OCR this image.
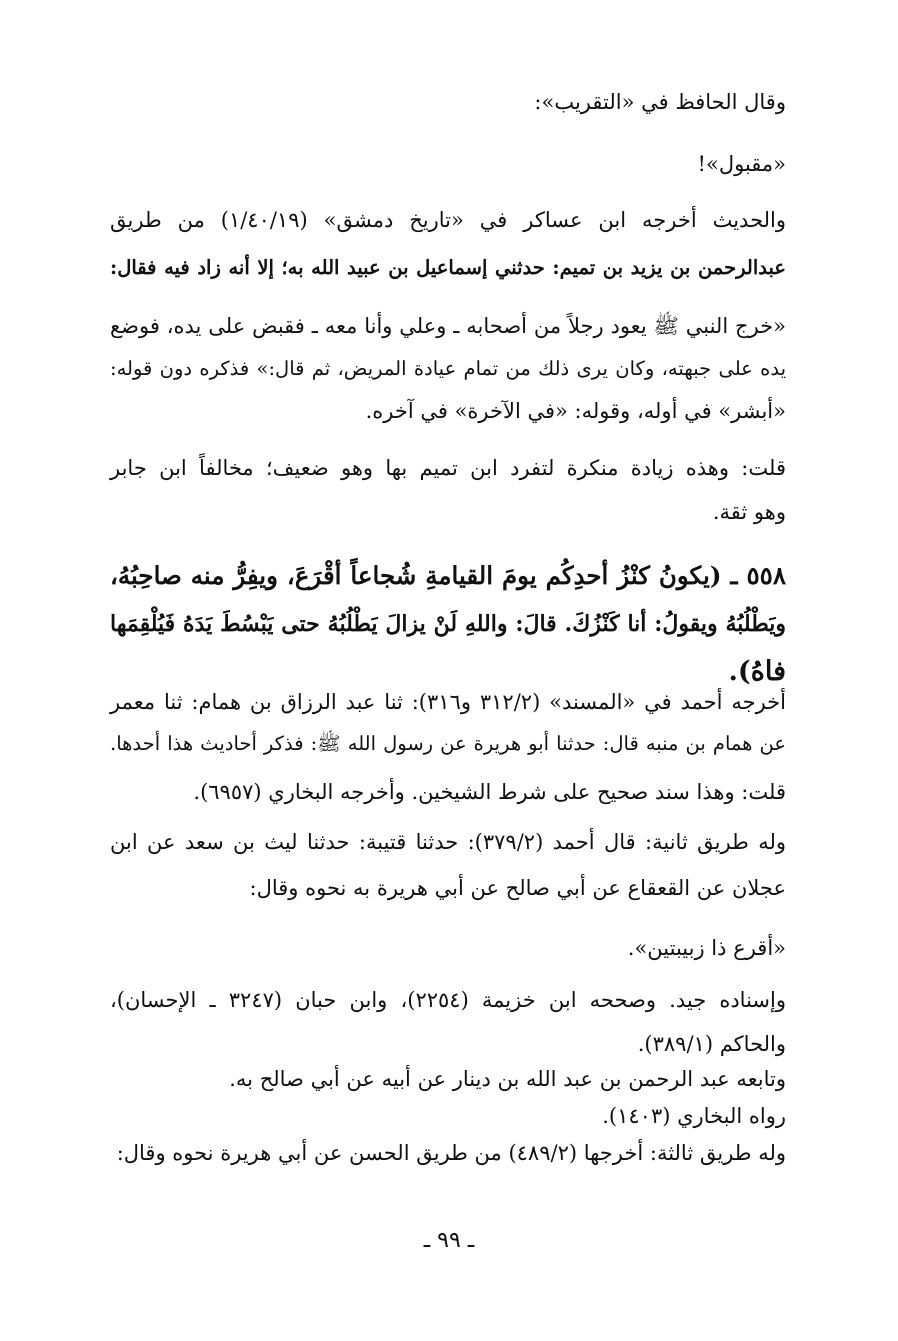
وقال الحافظ في «التقريب»:
«مقبول»!
والحديث أخرجه ابن عساكر في «تاريخ دمشق» (١/٤٠/١٩) من طريق
عبدالرحمن بن يزيد بن تميم: حدثني إسماعيل بن عبيد الله به؛ إلا أنه زاد فيه فقال:
«خرج النبي ﷺ يعود رجلاً من أصحابه ـ وعلي وأنا معه ـ فقبض على يده، فوضع
يده على جبهته، وكان يرى ذلك من تمام عيادة المريض، ثم قال:» فذكره دون قوله:
«أبشر» في أوله، وقوله: «في الآخرة» في آخره.
قلت: وهذه زيادة منكرة لتفرد ابن تميم بها وهو ضعيف؛ مخالفاً ابن جابر
وهو ثقة.
٥٥٨ ـ (يكونُ كنْزُ أحدِكُم يومَ القيامةِ شُجاعاً أقْرَعَ، ويفِرُّ منه صاحِبُهُ،
ويَطْلُبُهُ ويقولُ: أنا كَنْزُكَ. قالَ: واللهِ لَنْ يزالَ يَطْلُبُهُ حتى يَبْسُطَ يَدَهُ فَيُلْقِمَها
فاهُ).
أخرجه أحمد في «المسند» (٣١٢/٢ و٣١٦): ثنا عبد الرزاق بن همام: ثنا معمر
عن همام بن منبه قال: حدثنا أبو هريرة عن رسول الله ﷺ: فذكر أحاديث هذا أحدها.
قلت: وهذا سند صحيح على شرط الشيخين. وأخرجه البخاري (٦٩٥٧).
وله طريق ثانية: قال أحمد (٣٧٩/٢): حدثنا قتيبة: حدثنا ليث بن سعد عن ابن
عجلان عن القعقاع عن أبي صالح عن أبي هريرة به نحوه وقال:
«أقرع ذا زبيبتين».
وإسناده جيد. وصححه ابن خزيمة (٢٢٥٤)، وابن حبان (٣٢٤٧ ـ الإحسان)،
والحاكم (٣٨٩/١).
وتابعه عبد الرحمن بن عبد الله بن دينار عن أبيه عن أبي صالح به.
رواه البخاري (١٤٠٣).
وله طريق ثالثة: أخرجها (٤٨٩/٢) من طريق الحسن عن أبي هريرة نحوه وقال:
ـ ٩٩ ـ
